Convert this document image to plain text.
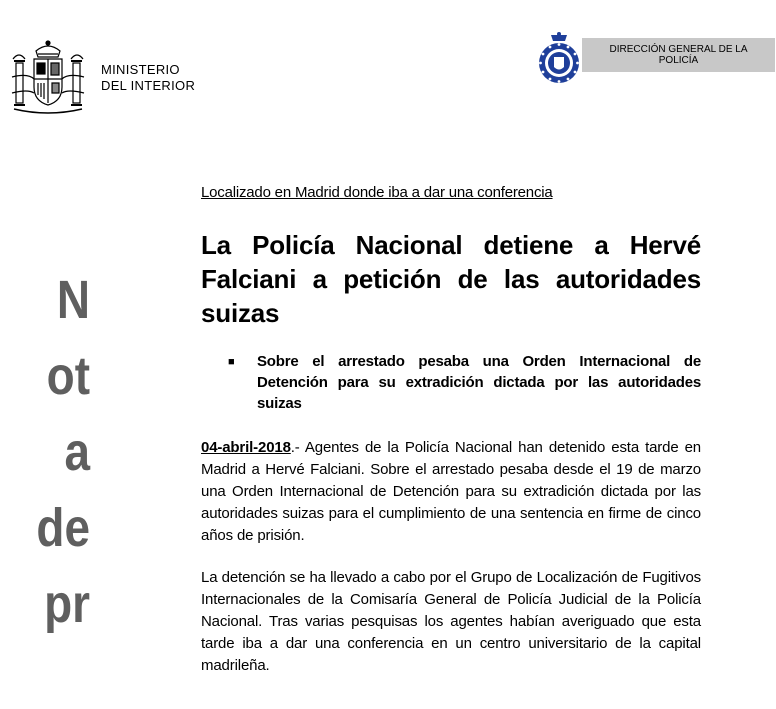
MINISTERIO
DEL INTERIOR
DIRECCIÓN GENERAL DE LA
POLICÍA
N
ot
a
de
pr
Localizado en Madrid donde iba a dar una conferencia
La Policía Nacional detiene a Hervé Falciani a petición de las autoridades suizas
■	Sobre el arrestado pesaba una Orden Internacional de Detención para su extradición dictada por las autoridades suizas

04-abril-2018.- Agentes de la Policía Nacional han detenido esta tarde en Madrid a Hervé Falciani. Sobre el arrestado pesaba desde el 19 de marzo una Orden Internacional de Detención para su extradición dictada por las autoridades suizas para el cumplimiento de una sentencia en firme de cinco años de prisión.

La detención se ha llevado a cabo por el Grupo de Localización de Fugitivos Internacionales de la Comisaría General de Policía Judicial de la Policía Nacional. Tras varias pesquisas los agentes habían averiguado que esta tarde iba a dar una conferencia en un centro universitario de la capital madrileña.
